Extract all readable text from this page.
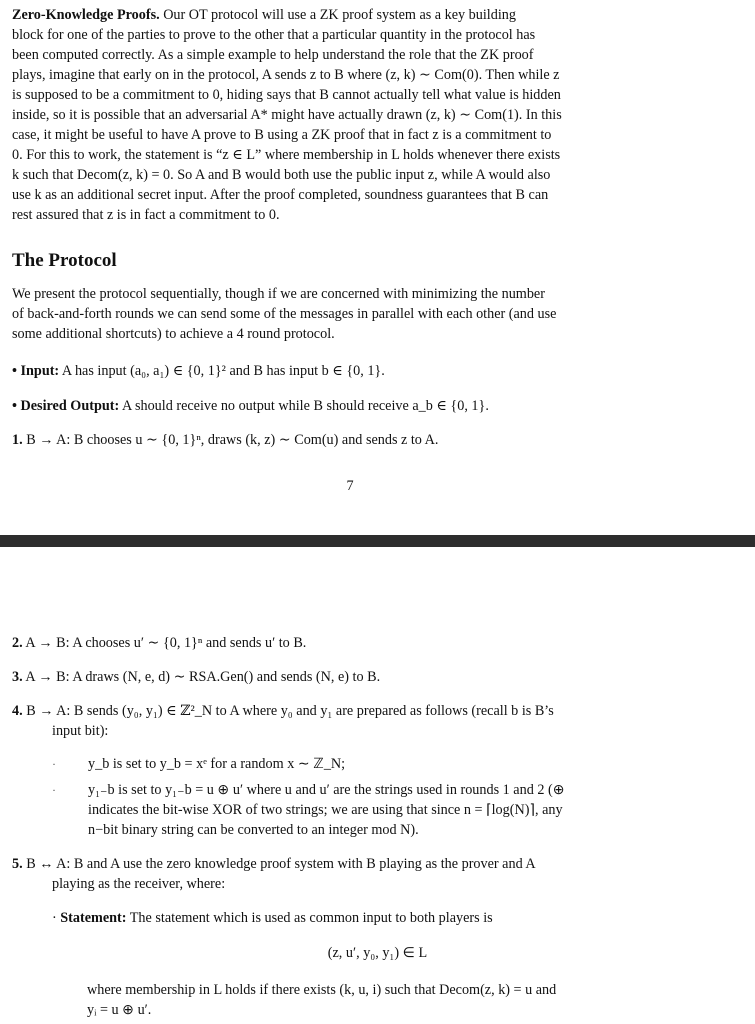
Zero-Knowledge Proofs. Our OT protocol will use a ZK proof system as a key building
block for one of the parties to prove to the other that a particular quantity in the protocol has
been computed correctly. As a simple example to help understand the role that the ZK proof
plays, imagine that early on in the protocol, A sends z to B where (z, k) ∼ Com(0). Then while z
is supposed to be a commitment to 0, hiding says that B cannot actually tell what value is hidden
inside, so it is possible that an adversarial A* might have actually drawn (z, k) ∼ Com(1). In this
case, it might be useful to have A prove to B using a ZK proof that in fact z is a commitment to
0. For this to work, the statement is “z ∈ L” where membership in L holds whenever there exists
k such that Decom(z, k) = 0. So A and B would both use the public input z, while A would also
use k as an additional secret input. After the proof completed, soundness guarantees that B can
rest assured that z is in fact a commitment to 0.

The Protocol

We present the protocol sequentially, though if we are concerned with minimizing the number
of back-and-forth rounds we can send some of the messages in parallel with each other (and use
some additional shortcuts) to achieve a 4 round protocol.

• Input: A has input (a₀, a₁) ∈ {0, 1}² and B has input b ∈ {0, 1}.
• Desired Output: A should receive no output while B should receive a_b ∈ {0, 1}.
1. B → A: B chooses u ∼ {0, 1}ⁿ, draws (k, z) ∼ Com(u) and sends z to A.
7
2. A → B: A chooses u′ ∼ {0, 1}ⁿ and sends u′ to B.
3. A → B: A draws (N, e, d) ∼ RSA.Gen() and sends (N, e) to B.
4. B → A: B sends (y₀, y₁) ∈ ℤ²_N to A where y₀ and y₁ are prepared as follows (recall b is B’s
input bit):
· y_b is set to y_b = xᵉ for a random x ∼ ℤ_N;
· y₁₋b is set to y₁₋b = u ⊕ u′ where u and u′ are the strings used in rounds 1 and 2 (⊕
indicates the bit-wise XOR of two strings; we are using that since n = ⌈log(N)⌉, any
n−bit binary string can be converted to an integer mod N).
5. B ↔ A: B and A use the zero knowledge proof system with B playing as the prover and A
playing as the receiver, where:
· Statement: The statement which is used as common input to both players is
(z, u′, y₀, y₁) ∈ L
where membership in L holds if there exists (k, u, i) such that Decom(z, k) = u and
yᵢ = u ⊕ u′.
